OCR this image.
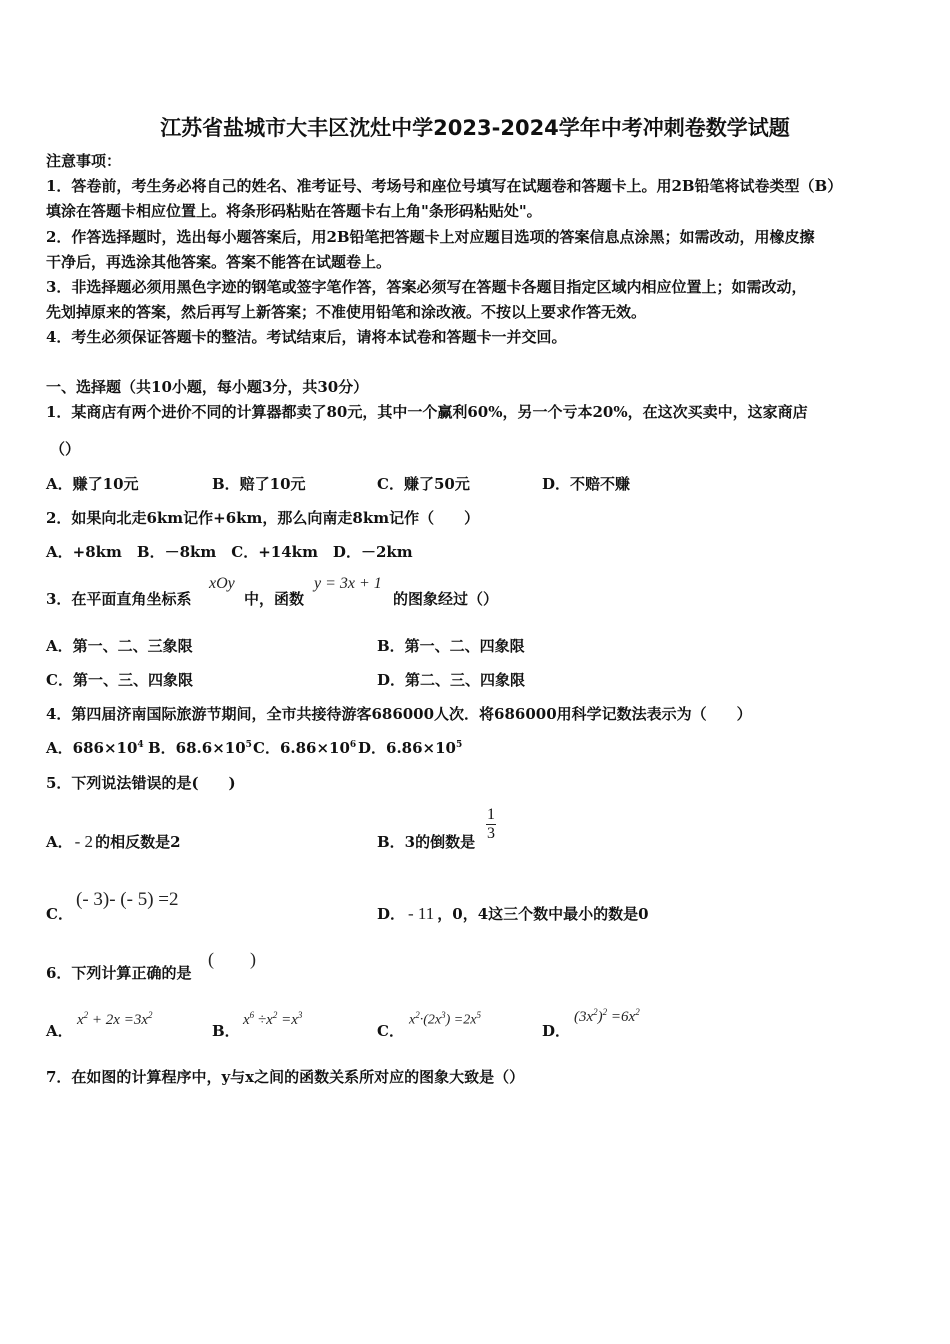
江苏省盐城市大丰区沈灶中学2023-2024学年中考冲刺卷数学试题
注意事项：
1．答卷前，考生务必将自己的姓名、准考证号、考场号和座位号填写在试题卷和答题卡上。用2B铅笔将试卷类型（B）
填涂在答题卡相应位置上。将条形码粘贴在答题卡右上角"条形码粘贴处"。
2．作答选择题时，选出每小题答案后，用2B铅笔把答题卡上对应题目选项的答案信息点涂黑；如需改动，用橡皮擦
干净后，再选涂其他答案。答案不能答在试题卷上。
3．非选择题必须用黑色字迹的钢笔或签字笔作答，答案必须写在答题卡各题目指定区域内相应位置上；如需改动，
先划掉原来的答案，然后再写上新答案；不准使用铅笔和涂改液。不按以上要求作答无效。
4．考生必须保证答题卡的整洁。考试结束后，请将本试卷和答题卡一并交回。
一、选择题（共10小题，每小题3分，共30分）
1．某商店有两个进价不同的计算器都卖了80元，其中一个赢利60%，另一个亏本20%，在这次买卖中，这家商店
（）
A．赚了10元	B．赔了10元	C．赚了50元	D．不赔不赚
2．如果向北走6km记作+6km，那么向南走8km记作（　　）
A．+8km　B．－8km　C．+14km　D．－2km
3．在平面直角坐标系
xOy
中，函数
y = 3x + 1
的图象经过（）
A．第一、二、三象限	B．第一、二、四象限
C．第一、三、四象限	D．第二、三、四象限
4．第四届济南国际旅游节期间，全市共接待游客686000人次．将686000用科学记数法表示为（　　）
A．$686\times 10^4$ B．$68.6\times 10^5$ C．$6.86\times 10^6$ D．$6.86\times 10^5$
5．下列说法错误的是(　　)
A． - 2 的相反数是2	B．3的倒数是 $\frac{1}{3}$
C．
(- 3)- (- 5) =2
D． - 11 ，0，4这三个数中最小的数是0
6．下列计算正确的是
(　　)
A．
$x^2 + 2x =3x^2$
B．
$x^6 \div x^2 =x^3$
C．
$x^2\cdot(2x^3) =2x^5$
D．
$(3x^2)^2 =6x^2$
7．在如图的计算程序中，y与x之间的函数关系所对应的图象大致是（）
